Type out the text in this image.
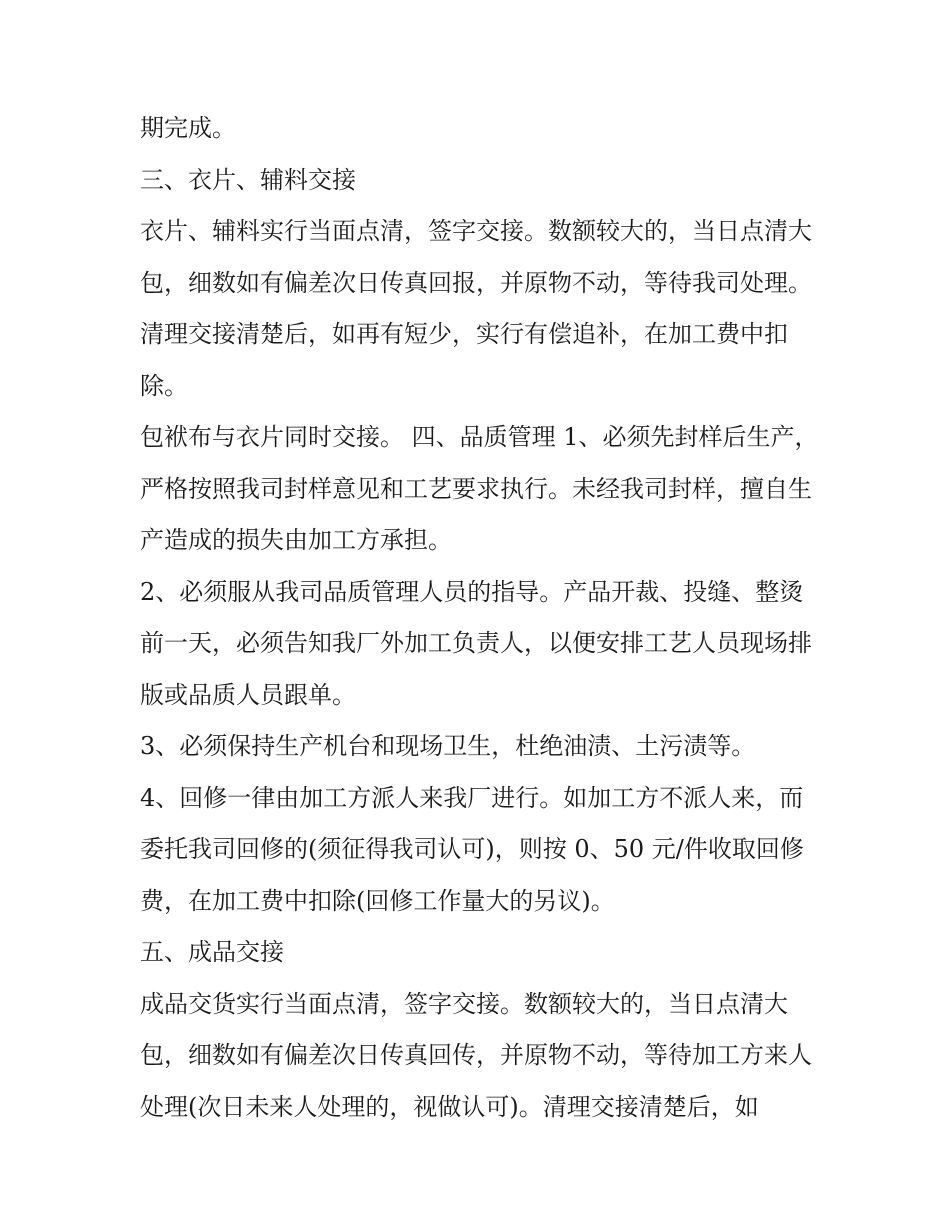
期完成。

三、衣片、辅料交接

衣片、辅料实行当面点清，签字交接。数额较大的，当日点清大包，细数如有偏差次日传真回报，并原物不动，等待我司处理。清理交接清楚后，如再有短少，实行有偿追补，在加工费中扣除。

包袱布与衣片同时交接。 四、品质管理 1、必须先封样后生产，严格按照我司封样意见和工艺要求执行。未经我司封样，擅自生产造成的损失由加工方承担。

2、必须服从我司品质管理人员的指导。产品开裁、投缝、整烫前一天，必须告知我厂外加工负责人，以便安排工艺人员现场排版或品质人员跟单。

3、必须保持生产机台和现场卫生，杜绝油渍、土污渍等。

4、回修一律由加工方派人来我厂进行。如加工方不派人来，而委托我司回修的(须征得我司认可)，则按 0、50 元/件收取回修费，在加工费中扣除(回修工作量大的另议)。

五、成品交接

成品交货实行当面点清，签字交接。数额较大的，当日点清大包，细数如有偏差次日传真回传，并原物不动，等待加工方来人处理(次日未来人处理的，视做认可)。清理交接清楚后，如
